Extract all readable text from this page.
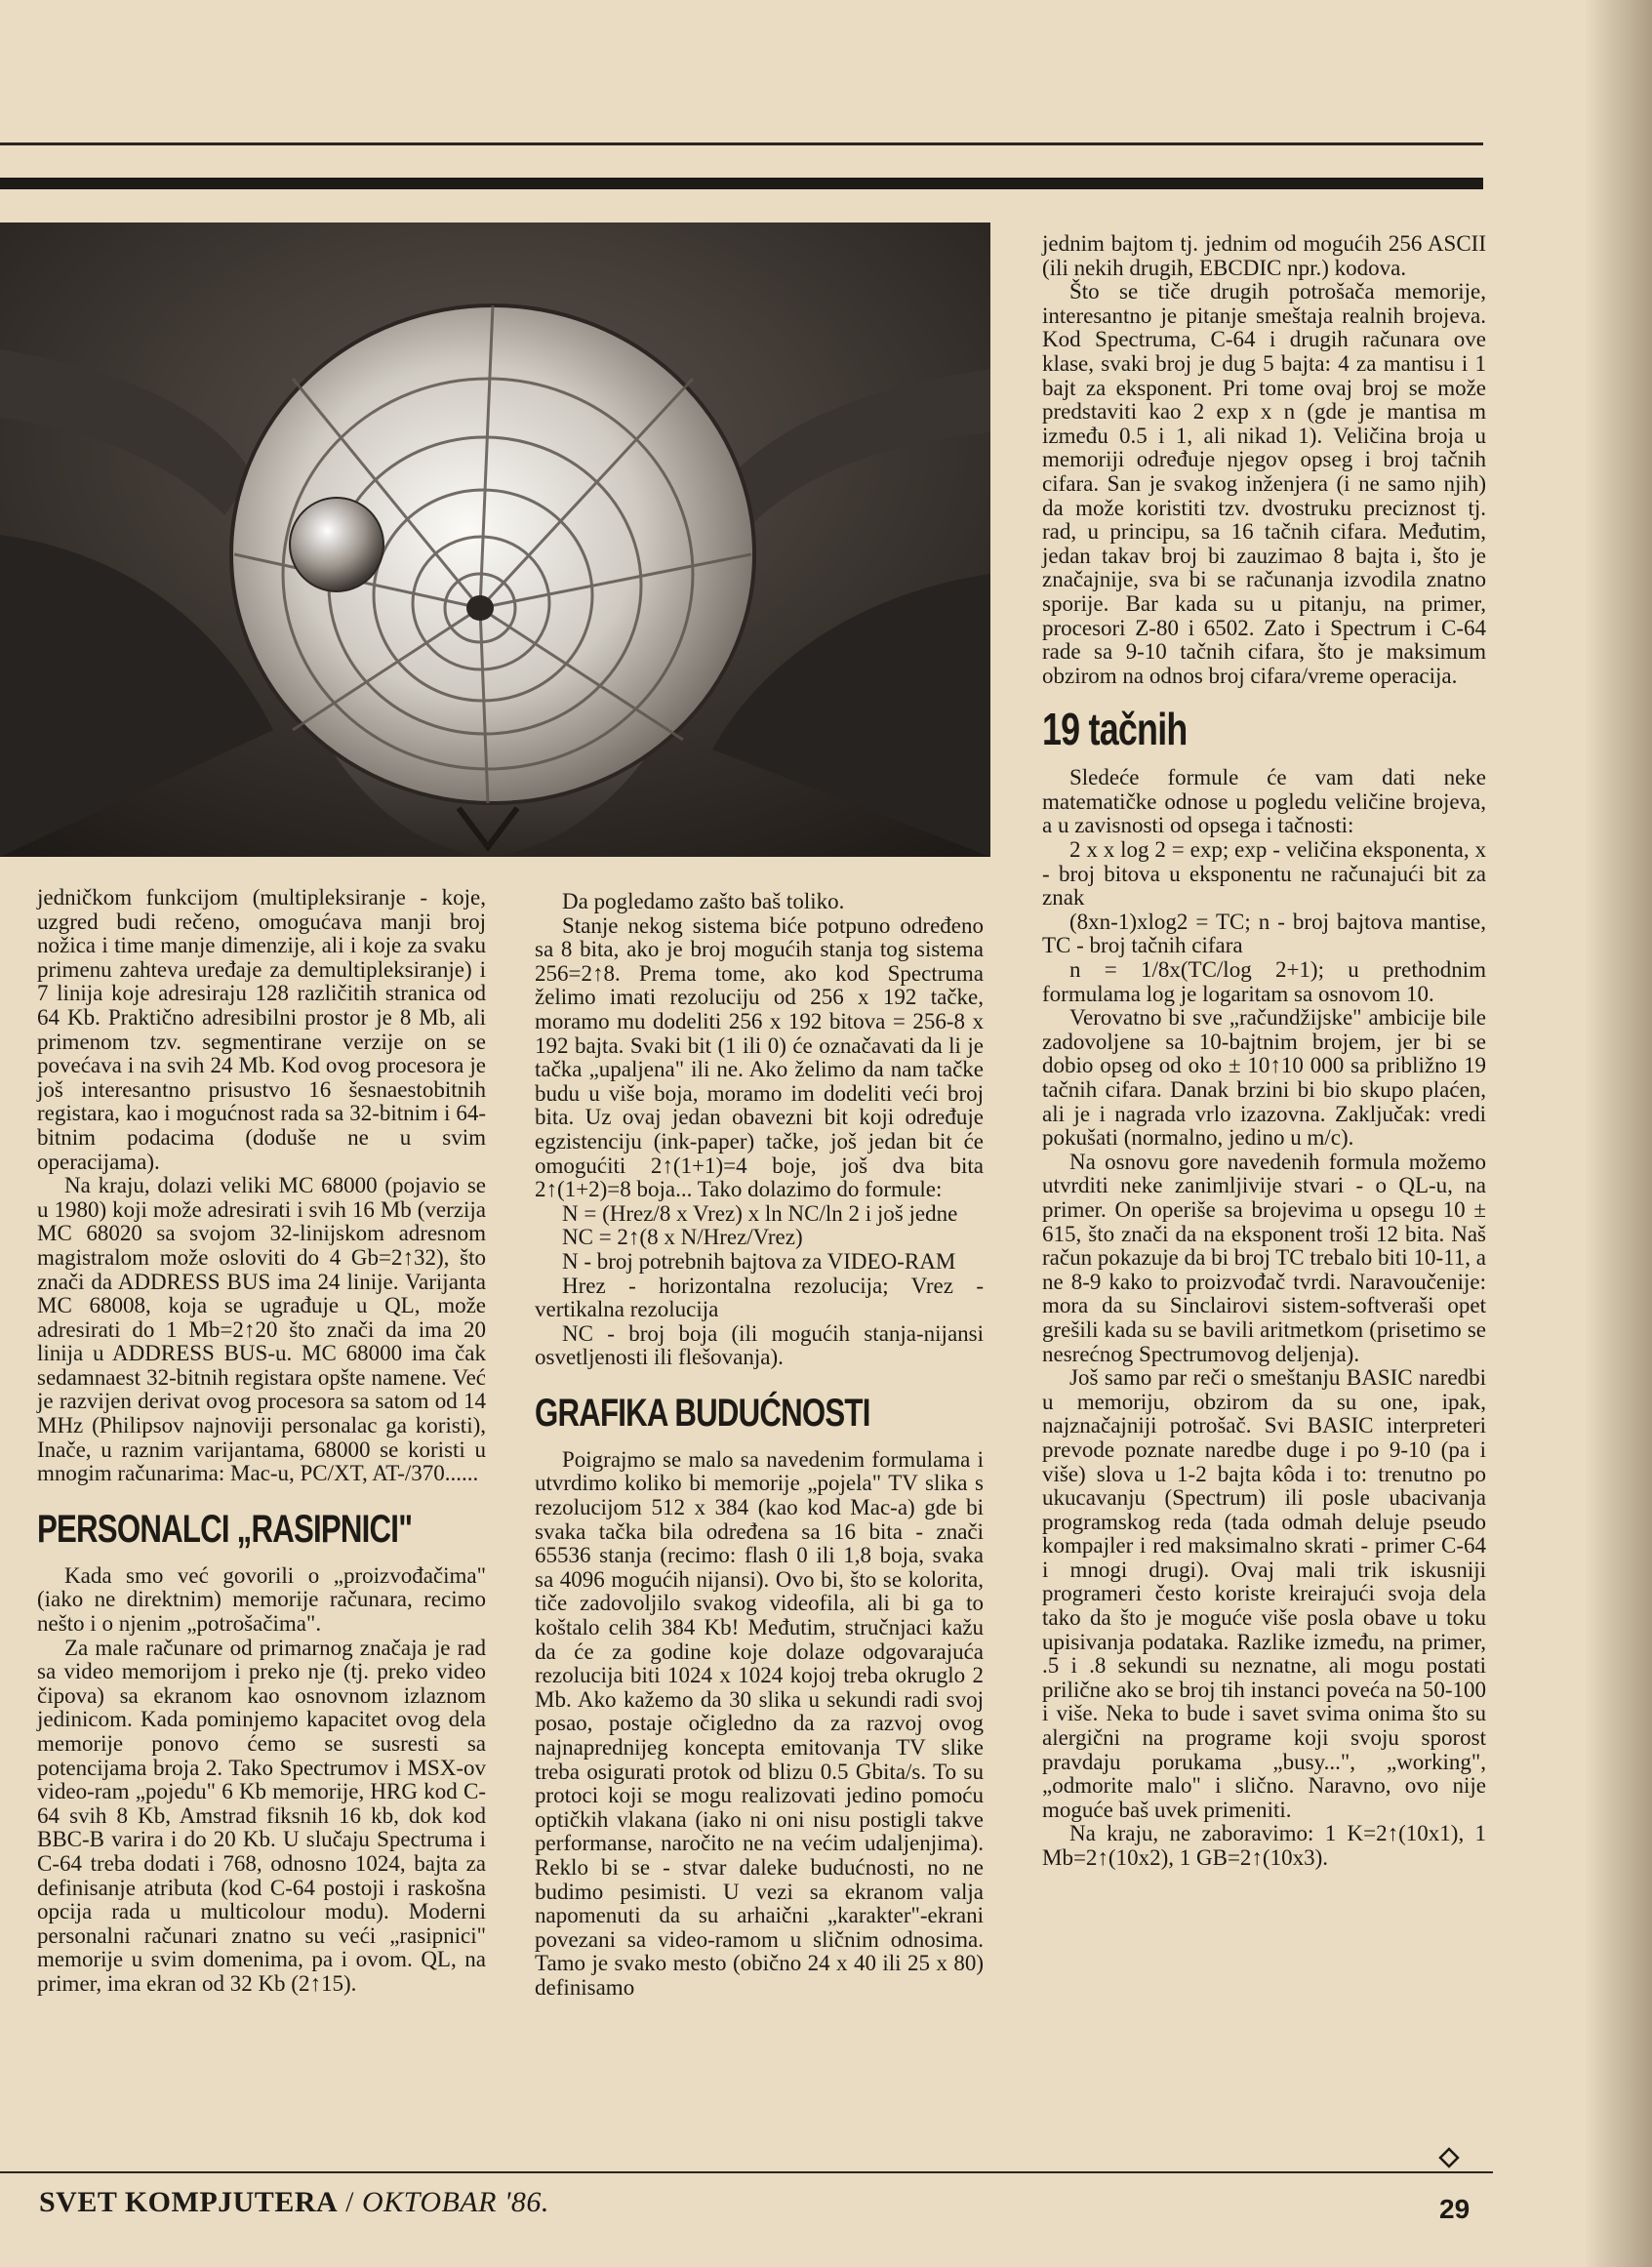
jedničkom funkcijom (multipleksiranje - koje, uzgred budi rečeno, omogućava manji broj nožica i time manje dimenzije, ali i koje za svaku primenu zahteva uređaje za demultipleksiranje) i 7 linija koje adresiraju 128 različitih stranica od 64 Kb. Praktično adresibilni prostor je 8 Mb, ali primenom tzv. segmentirane verzije on se povećava i na svih 24 Mb. Kod ovog procesora je još interesantno prisustvo 16 šesnaestobitnih registara, kao i mogućnost rada sa 32-bitnim i 64-bitnim podacima (doduše ne u svim operacijama).

Na kraju, dolazi veliki MC 68000 (pojavio se u 1980) koji može adresirati i svih 16 Mb (verzija MC 68020 sa svojom 32-linijskom adresnom magistralom može osloviti do 4 Gb=2↑32), što znači da ADDRESS BUS ima 24 linije. Varijanta MC 68008, koja se ugrađuje u QL, može adresirati do 1 Mb=2↑20 što znači da ima 20 linija u ADDRESS BUS-u. MC 68000 ima čak sedamnaest 32-bitnih registara opšte namene. Već je razvijen derivat ovog procesora sa satom od 14 MHz (Philipsov najnoviji personalac ga koristi), Inače, u raznim varijantama, 68000 se koristi u mnogim računarima: Mac-u, PC/XT, AT-/370......

PERSONALCI „RASIPNICI"

Kada smo već govorili o „proizvođačima" (iako ne direktnim) memorije računara, recimo nešto i o njenim „potrošačima".

Za male računare od primarnog značaja je rad sa video memorijom i preko nje (tj. preko video čipova) sa ekranom kao osnovnom izlaznom jedinicom. Kada pominjemo kapacitet ovog dela memorije ponovo ćemo se susresti sa potencijama broja 2. Tako Spectrumov i MSX-ov video-ram „pojedu" 6 Kb memorije, HRG kod C-64 svih 8 Kb, Amstrad fiksnih 16 kb, dok kod BBC-B varira i do 20 Kb. U slučaju Spectruma i C-64 treba dodati i 768, odnosno 1024, bajta za definisanje atributa (kod C-64 postoji i raskošna opcija rada u multicolour modu). Moderni personalni računari znatno su veći „rasipnici" memorije u svim domenima, pa i ovom. QL, na primer, ima ekran od 32 Kb (2↑15).

Da pogledamo zašto baš toliko.

Stanje nekog sistema biće potpuno određeno sa 8 bita, ako je broj mogućih stanja tog sistema 256=2↑8. Prema tome, ako kod Spectruma želimo imati rezoluciju od 256 x 192 tačke, moramo mu dodeliti 256 x 192 bitova = 256-8 x 192 bajta. Svaki bit (1 ili 0) će označavati da li je tačka „upaljena" ili ne. Ako želimo da nam tačke budu u više boja, moramo im dodeliti veći broj bita. Uz ovaj jedan obavezni bit koji određuje egzistenciju (ink-paper) tačke, još jedan bit će omogućiti 2↑(1+1)=4 boje, još dva bita 2↑(1+2)=8 boja... Tako dolazimo do formule:

N = (Hrez/8 x Vrez) x ln NC/ln 2 i još jedne

NC = 2↑(8 x N/Hrez/Vrez)

N - broj potrebnih bajtova za VIDEO-RAM

Hrez - horizontalna rezolucija; Vrez - vertikalna rezolucija

NC - broj boja (ili mogućih stanja-nijansi osvetljenosti ili flešovanja).

GRAFIKA BUDUĆNOSTI

Poigrajmo se malo sa navedenim formulama i utvrdimo koliko bi memorije „pojela" TV slika s rezolucijom 512 x 384 (kao kod Mac-a) gde bi svaka tačka bila određena sa 16 bita - znači 65536 stanja (recimo: flash 0 ili 1,8 boja, svaka sa 4096 mogućih nijansi). Ovo bi, što se kolorita, tiče zadovoljilo svakog videofila, ali bi ga to koštalo celih 384 Kb! Međutim, stručnjaci kažu da će za godine koje dolaze odgovarajuća rezolucija biti 1024 x 1024 kojoj treba okruglo 2 Mb. Ako kažemo da 30 slika u sekundi radi svoj posao, postaje očigledno da za razvoj ovog najnaprednijeg koncepta emitovanja TV slike treba osigurati protok od blizu 0.5 Gbita/s. To su protoci koji se mogu realizovati jedino pomoću optičkih vlakana (iako ni oni nisu postigli takve performanse, naročito ne na većim udaljenjima). Reklo bi se - stvar daleke budućnosti, no ne budimo pesimisti. U vezi sa ekranom valja napomenuti da su arhaični „karakter"-ekrani povezani sa video-ramom u sličnim odnosima. Tamo je svako mesto (obično 24 x 40 ili 25 x 80) definisamo

jednim bajtom tj. jednim od mogućih 256 ASCII (ili nekih drugih, EBCDIC npr.) kodova.

Što se tiče drugih potrošača memorije, interesantno je pitanje smeštaja realnih brojeva. Kod Spectruma, C-64 i drugih računara ove klase, svaki broj je dug 5 bajta: 4 za mantisu i 1 bajt za eksponent. Pri tome ovaj broj se može predstaviti kao 2 exp x n (gde je mantisa m između 0.5 i 1, ali nikad 1). Veličina broja u memoriji određuje njegov opseg i broj tačnih cifara. San je svakog inženjera (i ne samo njih) da može koristiti tzv. dvostruku preciznost tj. rad, u principu, sa 16 tačnih cifara. Međutim, jedan takav broj bi zauzimao 8 bajta i, što je značajnije, sva bi se računanja izvodila znatno sporije. Bar kada su u pitanju, na primer, procesori Z-80 i 6502. Zato i Spectrum i C-64 rade sa 9-10 tačnih cifara, što je maksimum obzirom na odnos broj cifara/vreme operacija.

19 tačnih

Sledeće formule će vam dati neke matematičke odnose u pogledu veličine brojeva, a u zavisnosti od opsega i tačnosti:

2 x x log 2 = exp; exp - veličina eksponenta, x - broj bitova u eksponentu ne računajući bit za znak

(8xn-1)xlog2 = TC; n - broj bajtova mantise, TC - broj tačnih cifara

n = 1/8x(TC/log 2+1); u prethodnim formulama log je logaritam sa osnovom 10.

Verovatno bi sve „račundžijske" ambicije bile zadovoljene sa 10-bajtnim brojem, jer bi se dobio opseg od oko ± 10↑10 000 sa približno 19 tačnih cifara. Danak brzini bi bio skupo plaćen, ali je i nagrada vrlo izazovna. Zaključak: vredi pokušati (normalno, jedino u m/c).

Na osnovu gore navedenih formula možemo utvrditi neke zanimljivije stvari - o QL-u, na primer. On operiše sa brojevima u opsegu 10 ± 615, što znači da na eksponent troši 12 bita. Naš račun pokazuje da bi broj TC trebalo biti 10-11, a ne 8-9 kako to proizvođač tvrdi. Naravoučenije: mora da su Sinclairovi sistem-softveraši opet grešili kada su se bavili aritmetkom (prisetimo se nesrećnog Spectrumovog deljenja).

Još samo par reči o smeštanju BASIC naredbi u memoriju, obzirom da su one, ipak, najznačajniji potrošač. Svi BASIC interpreteri prevode poznate naredbe duge i po 9-10 (pa i više) slova u 1-2 bajta kôda i to: trenutno po ukucavanju (Spectrum) ili posle ubacivanja programskog reda (tada odmah deluje pseudo kompajler i red maksimalno skrati - primer C-64 i mnogi drugi). Ovaj mali trik iskusniji programeri često koriste kreirajući svoja dela tako da što je moguće više posla obave u toku upisivanja podataka. Razlike između, na primer, .5 i .8 sekundi su neznatne, ali mogu postati prilične ako se broj tih instanci poveća na 50-100 i više. Neka to bude i savet svima onima što su alergični na programe koji svoju sporost pravdaju porukama „busy...", „working", „odmorite malo" i slično. Naravno, ovo nije moguće baš uvek primeniti.

Na kraju, ne zaboravimo: 1 K=2↑(10x1), 1 Mb=2↑(10x2), 1 GB=2↑(10x3).

SVET KOMPJUTERA / OKTOBAR '86.	29
